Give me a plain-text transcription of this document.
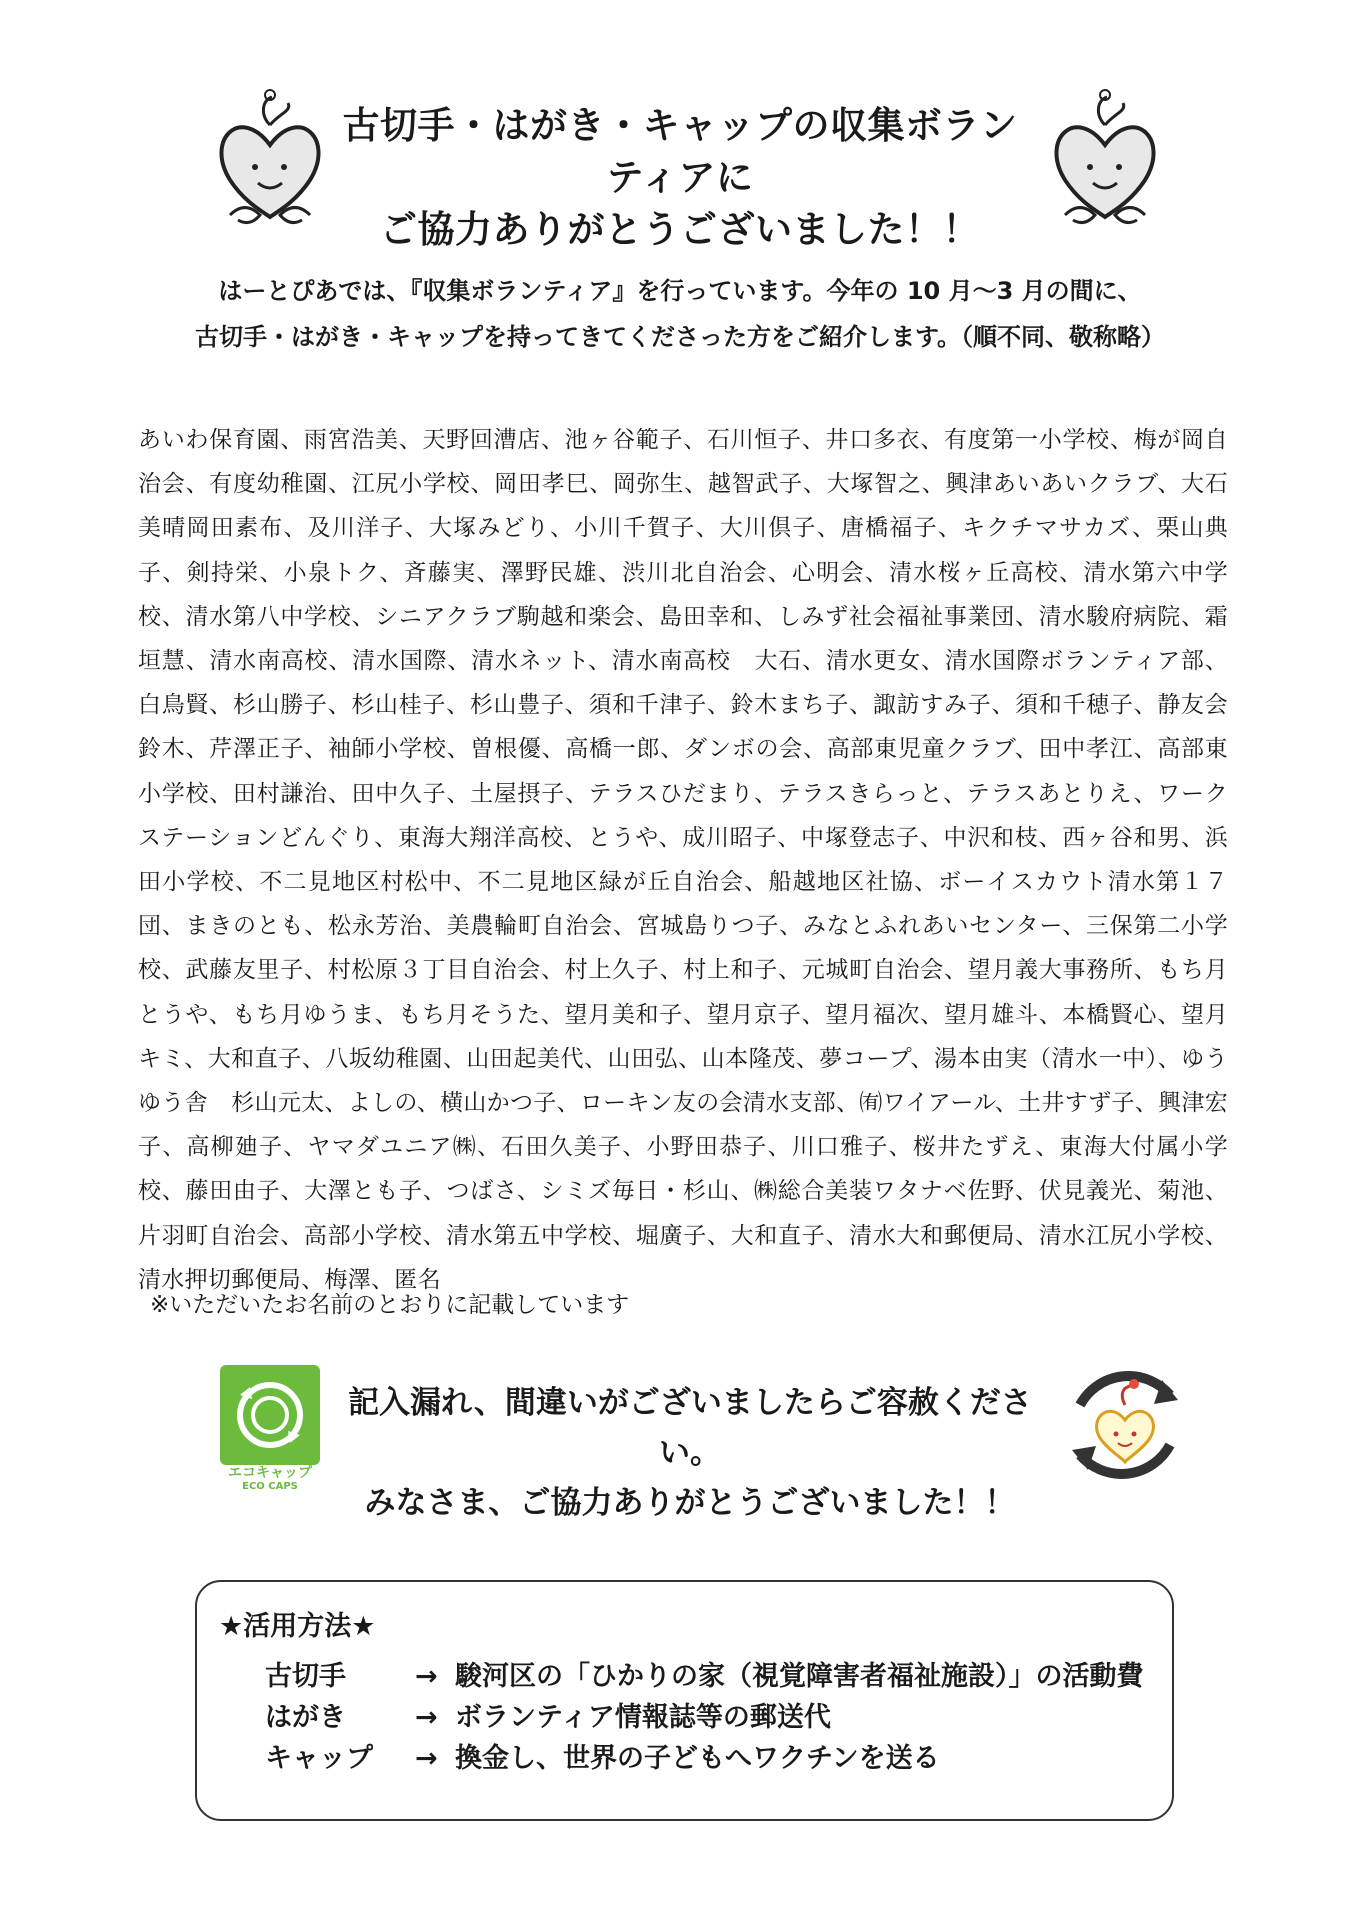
古切手・はがき・キャップの収集ボランティアに
ご協力ありがとうございました！！
はーとぴあでは、『収集ボランティア』を行っています。今年の 10 月～3 月の間に、
古切手・はがき・キャップを持ってきてくださった方をご紹介します。（順不同、敬称略）
あいわ保育園、雨宮浩美、天野回漕店、池ヶ谷範子、石川恒子、井口多衣、有度第一小学校、梅が岡自治会、有度幼稚園、江尻小学校、岡田孝巳、岡弥生、越智武子、大塚智之、興津あいあいクラブ、大石美晴岡田素布、及川洋子、大塚みどり、小川千賀子、大川倶子、唐橋福子、キクチマサカズ、栗山典子、剣持栄、小泉トク、斉藤実、澤野民雄、渋川北自治会、心明会、清水桜ヶ丘高校、清水第六中学校、清水第八中学校、シニアクラブ駒越和楽会、島田幸和、しみず社会福祉事業団、清水駿府病院、霜垣慧、清水南高校、清水国際、清水ネット、清水南高校　大石、清水更女、清水国際ボランティア部、白鳥賢、杉山勝子、杉山桂子、杉山豊子、須和千津子、鈴木まち子、諏訪すみ子、須和千穂子、静友会　鈴木、芹澤正子、袖師小学校、曽根優、高橋一郎、ダンボの会、高部東児童クラブ、田中孝江、高部東小学校、田村謙治、田中久子、土屋摂子、テラスひだまり、テラスきらっと、テラスあとりえ、ワークステーションどんぐり、東海大翔洋高校、とうや、成川昭子、中塚登志子、中沢和枝、西ヶ谷和男、浜田小学校、不二見地区村松中、不二見地区緑が丘自治会、船越地区社協、ボーイスカウト清水第１７団、まきのとも、松永芳治、美農輪町自治会、宮城島りつ子、みなとふれあいセンター、三保第二小学校、武藤友里子、村松原３丁目自治会、村上久子、村上和子、元城町自治会、望月義大事務所、もち月とうや、もち月ゆうま、もち月そうた、望月美和子、望月京子、望月福次、望月雄斗、本橋賢心、望月キミ、大和直子、八坂幼稚園、山田起美代、山田弘、山本隆茂、夢コープ、湯本由実（清水一中）、ゆうゆう舎　杉山元太、よしの、横山かつ子、ローキン友の会清水支部、㈲ワイアール、土井すず子、興津宏子、高柳廸子、ヤマダユニア㈱、石田久美子、小野田恭子、川口雅子、桜井たずえ、東海大付属小学校、藤田由子、大澤とも子、つばさ、シミズ毎日・杉山、㈱総合美装ワタナベ佐野、伏見義光、菊池、片羽町自治会、高部小学校、清水第五中学校、堀廣子、大和直子、清水大和郵便局、清水江尻小学校、清水押切郵便局、梅澤、匿名
※いただいたお名前のとおりに記載しています
エコキャップ
ECO CAPS
記入漏れ、間違いがございましたらご容赦ください。
みなさま、ご協力ありがとうございました！！
★活用方法★
古切手	→ 駿河区の「ひかりの家（視覚障害者福祉施設）」の活動費
はがき	→ ボランティア情報誌等の郵送代
キャップ → 換金し、世界の子どもへワクチンを送る
